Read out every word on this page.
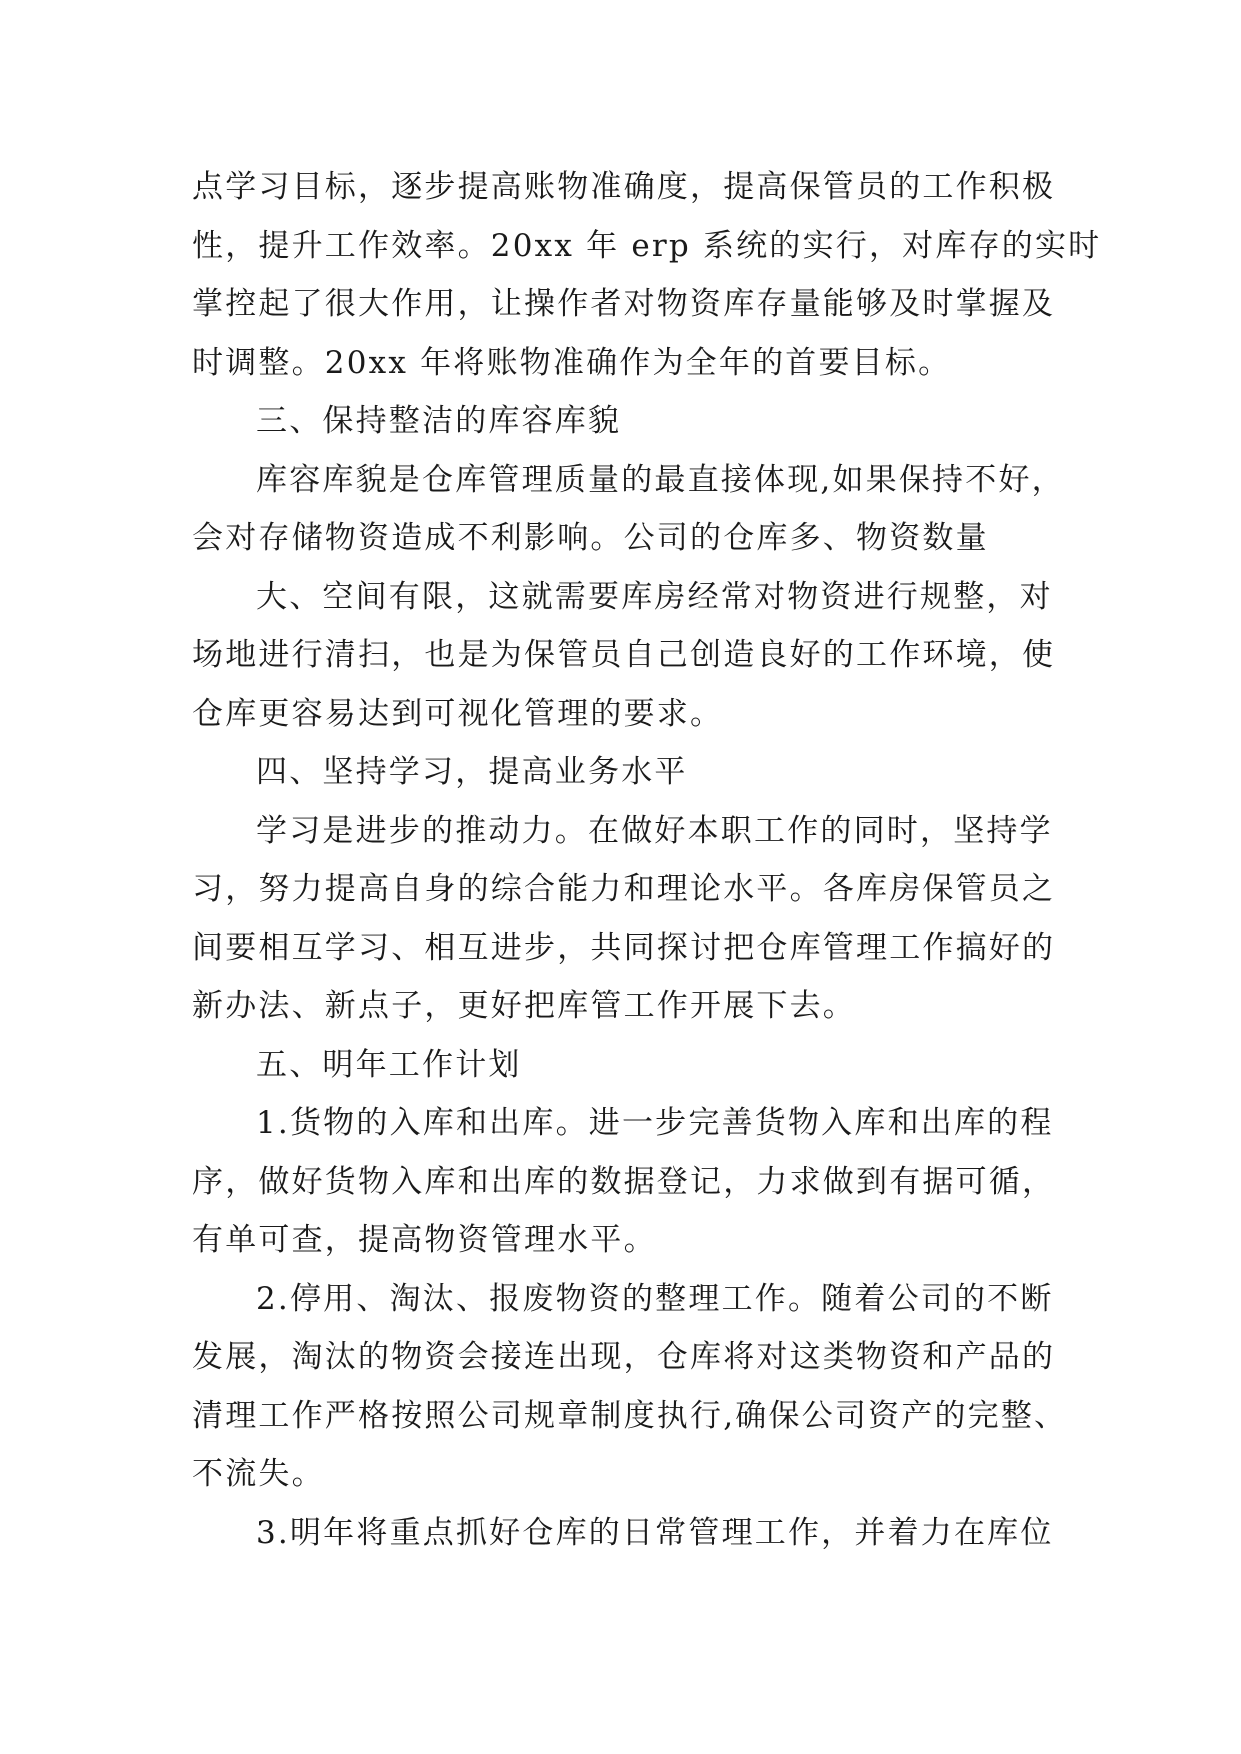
点学习目标，逐步提高账物准确度，提高保管员的工作积极
性，提升工作效率。20xx 年 erp 系统的实行，对库存的实时
掌控起了很大作用，让操作者对物资库存量能够及时掌握及
时调整。20xx 年将账物准确作为全年的首要目标。
三、保持整洁的库容库貌
库容库貌是仓库管理质量的最直接体现,如果保持不好，
会对存储物资造成不利影响。公司的仓库多、物资数量
大、空间有限，这就需要库房经常对物资进行规整，对
场地进行清扫，也是为保管员自己创造良好的工作环境，使
仓库更容易达到可视化管理的要求。
四、坚持学习，提高业务水平
学习是进步的推动力。在做好本职工作的同时，坚持学
习，努力提高自身的综合能力和理论水平。各库房保管员之
间要相互学习、相互进步，共同探讨把仓库管理工作搞好的
新办法、新点子，更好把库管工作开展下去。
五、明年工作计划
1.货物的入库和出库。进一步完善货物入库和出库的程
序，做好货物入库和出库的数据登记，力求做到有据可循，
有单可查，提高物资管理水平。
2.停用、淘汰、报废物资的整理工作。随着公司的不断
发展，淘汰的物资会接连出现，仓库将对这类物资和产品的
清理工作严格按照公司规章制度执行,确保公司资产的完整、
不流失。
3.明年将重点抓好仓库的日常管理工作，并着力在库位
